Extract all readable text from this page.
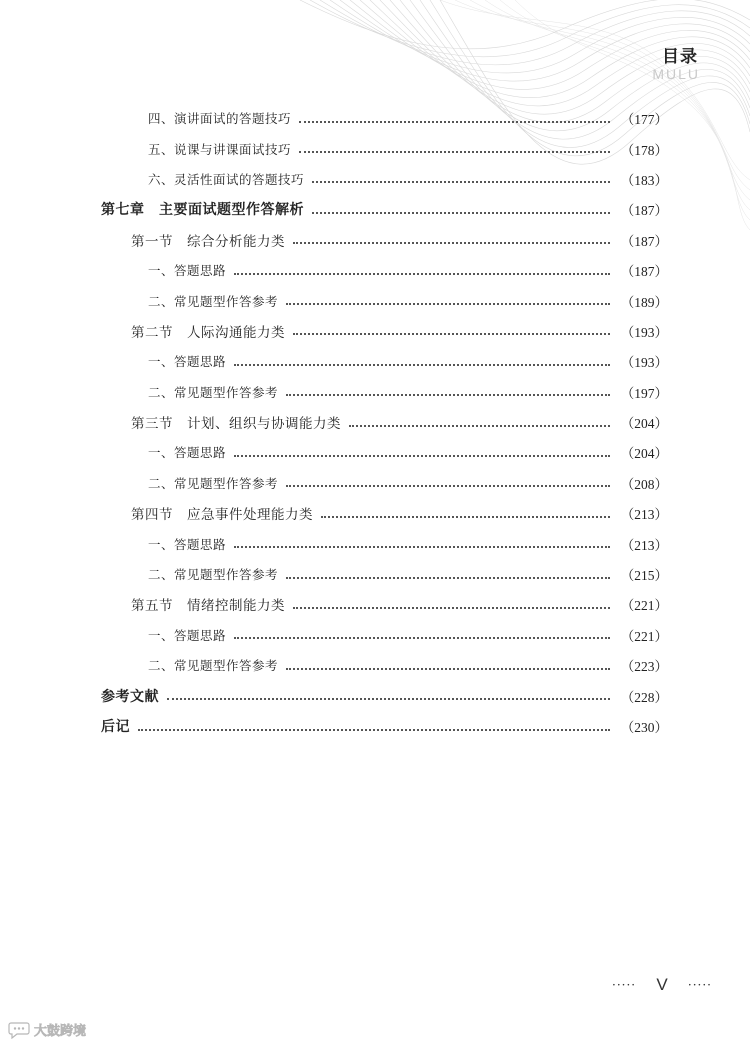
目录
MULU
四、演讲面试的答题技巧	（177）
五、说课与讲课面试技巧	（178）
六、灵活性面试的答题技巧	（183）
第七章　主要面试题型作答解析	（187）
第一节　综合分析能力类	（187）
一、答题思路	（187）
二、常见题型作答参考	（189）
第二节　人际沟通能力类	（193）
一、答题思路	（193）
二、常见题型作答参考	（197）
第三节　计划、组织与协调能力类	（204）
一、答题思路	（204）
二、常见题型作答参考	（208）
第四节　应急事件处理能力类	（213）
一、答题思路	（213）
二、常见题型作答参考	（215）
第五节　情绪控制能力类	（221）
一、答题思路	（221）
二、常见题型作答参考	（223）
参考文献	（228）
后记	（230）
····· V ·····
大鼓跨境
